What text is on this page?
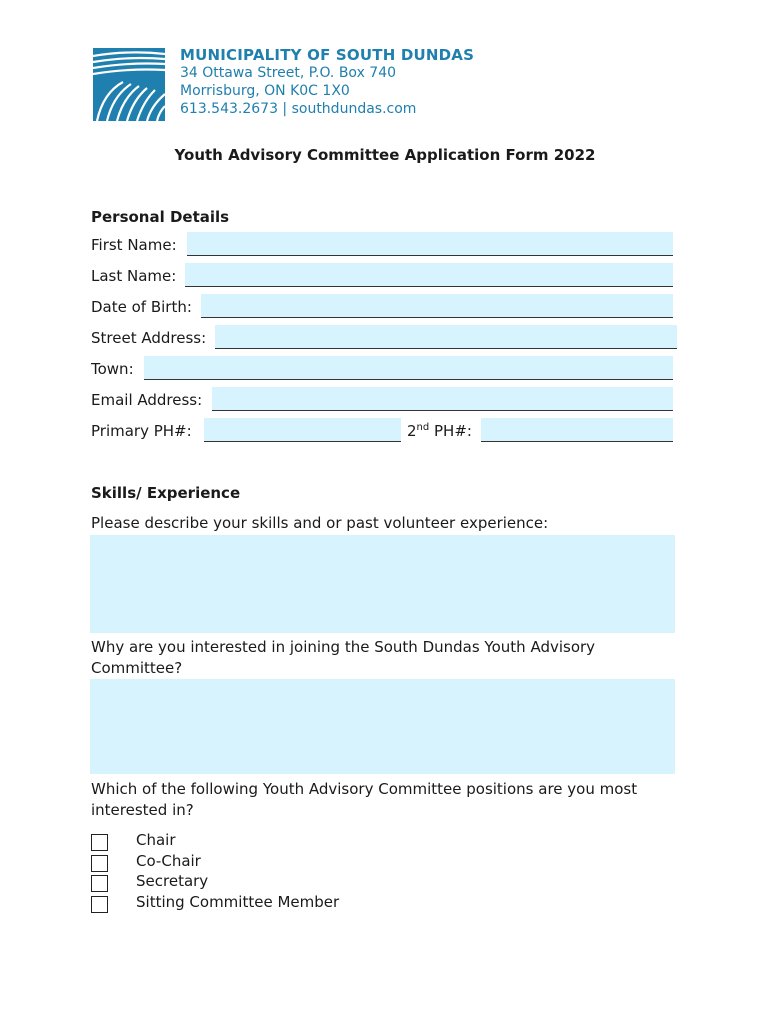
MUNICIPALITY OF SOUTH DUNDAS
34 Ottawa Street, P.O. Box 740
Morrisburg, ON K0C 1X0
613.543.2673 | southdundas.com
Youth Advisory Committee Application Form 2022
Personal Details
First Name:
Last Name:
Date of Birth:
Street Address:
Town:
Email Address:
Primary PH#:	2nd PH#:
Skills/ Experience
Please describe your skills and or past volunteer experience:
Why are you interested in joining the South Dundas Youth Advisory Committee?
Which of the following Youth Advisory Committee positions are you most interested in?
Chair
Co-Chair
Secretary
Sitting Committee Member
